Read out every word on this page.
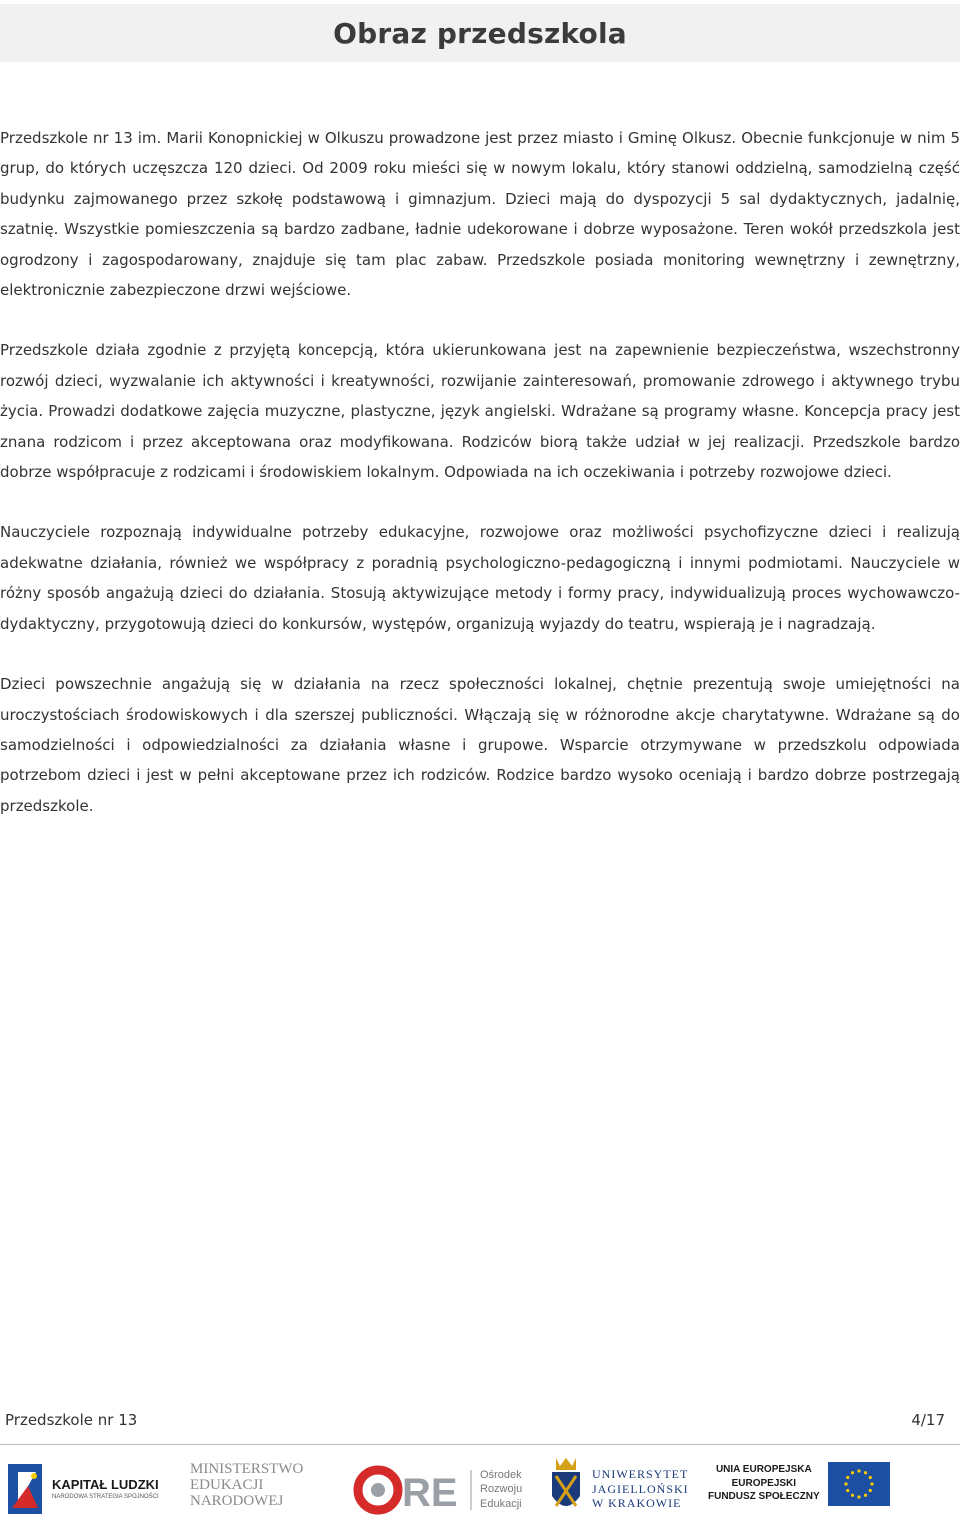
Obraz przedszkola

Przedszkole nr 13 im. Marii Konopnickiej w Olkuszu prowadzone jest przez miasto i Gminę Olkusz. Obecnie funkcjonuje w nim 5 grup, do których uczęszcza 120 dzieci. Od 2009 roku mieści się w nowym lokalu, który stanowi oddzielną, samodzielną część budynku zajmowanego przez szkołę podstawową i gimnazjum. Dzieci mają do dyspozycji 5 sal dydaktycznych, jadalnię, szatnię. Wszystkie pomieszczenia są bardzo zadbane, ładnie udekorowane i dobrze wyposażone. Teren wokół przedszkola jest ogrodzony i zagospodarowany, znajduje się tam plac zabaw. Przedszkole posiada monitoring wewnętrzny i zewnętrzny, elektronicznie zabezpieczone drzwi wejściowe.

Przedszkole działa zgodnie z przyjętą koncepcją, która ukierunkowana jest na zapewnienie bezpieczeństwa, wszechstronny rozwój dzieci, wyzwalanie ich aktywności i kreatywności, rozwijanie zainteresowań, promowanie zdrowego i aktywnego trybu życia. Prowadzi dodatkowe zajęcia muzyczne, plastyczne, język angielski. Wdrażane są programy własne. Koncepcja pracy jest znana rodzicom i przez akceptowana oraz modyfikowana. Rodziców biorą także udział w jej realizacji. Przedszkole bardzo dobrze współpracuje z rodzicami i środowiskiem lokalnym. Odpowiada na ich oczekiwania i potrzeby rozwojowe dzieci.

Nauczyciele rozpoznają indywidualne potrzeby edukacyjne, rozwojowe oraz możliwości psychofizyczne dzieci i realizują adekwatne działania, również we współpracy z poradnią psychologiczno-pedagogiczną i innymi podmiotami. Nauczyciele w różny sposób angażują dzieci do działania. Stosują aktywizujące metody i formy pracy, indywidualizują proces wychowawczo-dydaktyczny, przygotowują dzieci do konkursów, występów, organizują wyjazdy do teatru, wspierają je i nagradzają.

Dzieci powszechnie angażują się w działania na rzecz społeczności lokalnej, chętnie prezentują swoje umiejętności na uroczystościach środowiskowych i dla szerszej publiczności. Włączają się w różnorodne akcje charytatywne. Wdrażane są do samodzielności i odpowiedzialności za działania własne i grupowe. Wsparcie otrzymywane w przedszkolu odpowiada potrzebom dzieci i jest w pełni akceptowane przez ich rodziców. Rodzice bardzo wysoko oceniają i bardzo dobrze postrzegają przedszkole.

Przedszkole nr 13	4/17
KAPITAŁ LUDZKI
NARODOWA STRATEGIA SPÓJNOŚCI
MINISTERSTWO
EDUKACJI
NARODOWEJ	RE Ośrodek
Rozwoju
Edukacji
UNIWERSYTET
JAGIELLOŃSKI
W KRAKOWIE
UNIA EUROPEJSKA
EUROPEJSKI
FUNDUSZ SPOŁECZNY
